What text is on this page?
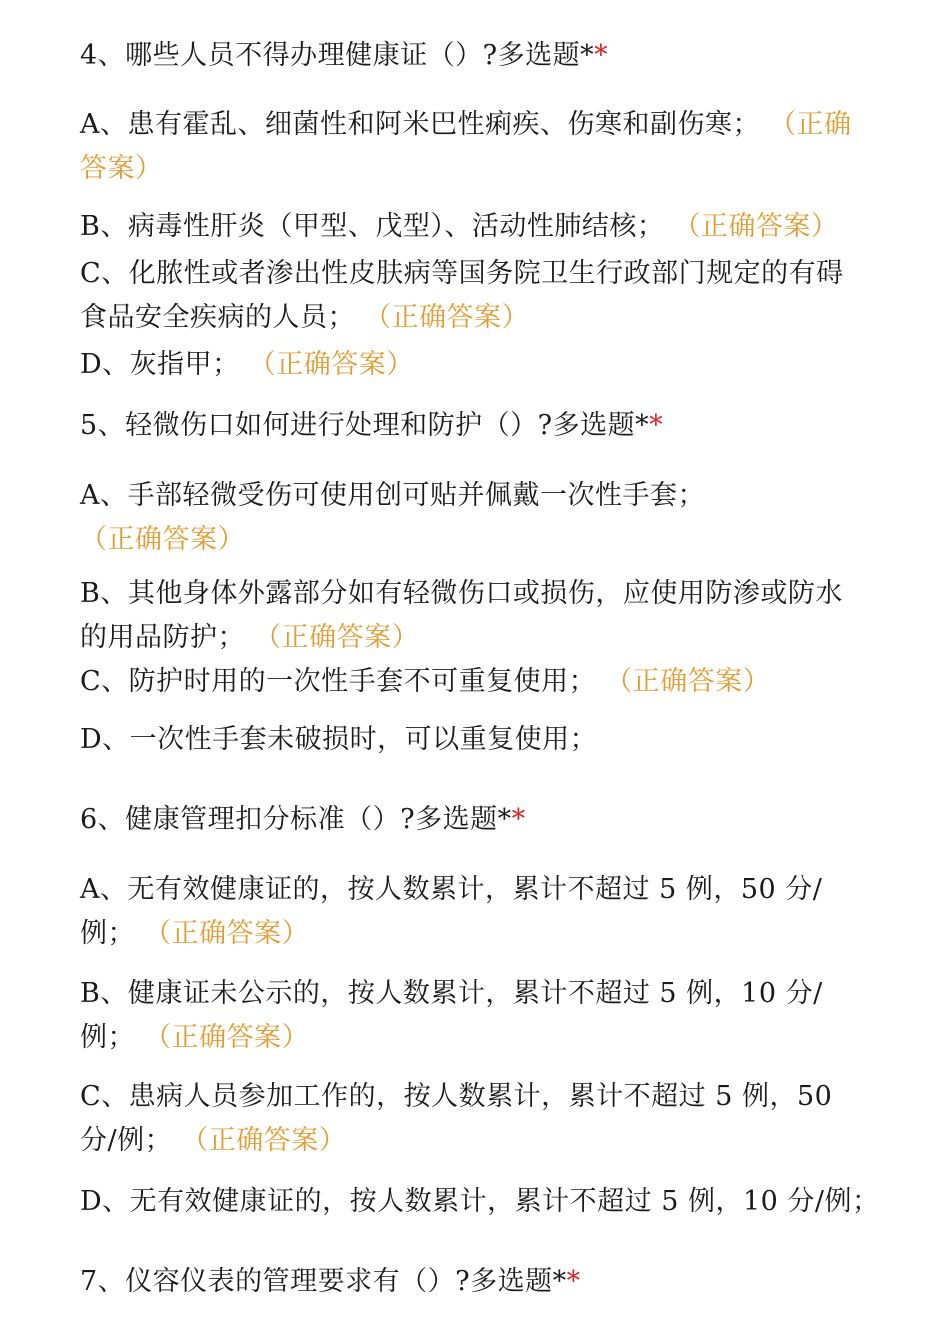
4、哪些人员不得办理健康证（）?多选题**
A、患有霍乱、细菌性和阿米巴性痢疾、伤寒和副伤寒； （正确答案）
B、病毒性肝炎（甲型、戊型）、活动性肺结核； （正确答案）
C、化脓性或者渗出性皮肤病等国务院卫生行政部门规定的有碍食品安全疾病的人员； （正确答案）
D、灰指甲； （正确答案）
5、轻微伤口如何进行处理和防护（）?多选题**
A、手部轻微受伤可使用创可贴并佩戴一次性手套； （正确答案）
B、其他身体外露部分如有轻微伤口或损伤，应使用防渗或防水的用品防护； （正确答案）
C、防护时用的一次性手套不可重复使用； （正确答案）
D、一次性手套未破损时，可以重复使用；
6、健康管理扣分标准（）?多选题**
A、无有效健康证的，按人数累计，累计不超过 5 例，50 分/例； （正确答案）
B、健康证未公示的，按人数累计，累计不超过 5 例，10 分/例； （正确答案）
C、患病人员参加工作的，按人数累计，累计不超过 5 例，50 分/例； （正确答案）
D、无有效健康证的，按人数累计，累计不超过 5 例，10 分/例；
7、仪容仪表的管理要求有（）?多选题**
